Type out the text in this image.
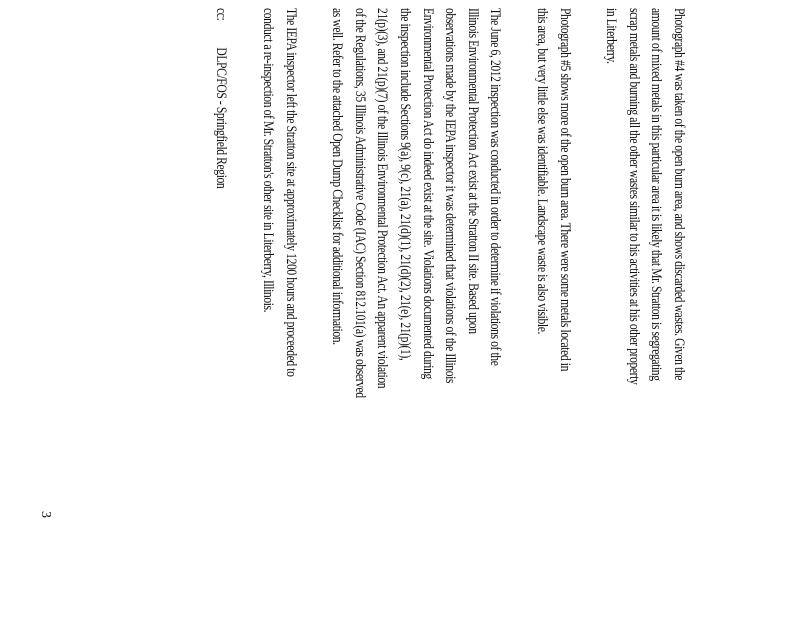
Photograph #4 was taken of the open burn area, and shows discarded wastes. Given the
amount of mixed metals in this particular area it is likely that Mr. Stratton is segregating
scrap metals and burning all the other wastes similar to his activities at his other property
in Literberry.

Photograph #5 shows more of the open burn area. There were some metals located in
this area, but very little else was identifiable. Landscape waste is also visible.

The June 6, 2012 inspection was conducted in order to determine if violations of the
Illinois Environmental Protection Act exist at the Stratton II site. Based upon
observations made by the IEPA inspector it was determined that violations of the Illinois
Environmental Protection Act do indeed exist at the site. Violations documented during
the inspection include Sections 9(a), 9(c), 21(a), 21(d)(1), 21(d)(2), 21(e), 21(p)(1),
21(p)(3), and 21(p)(7) of the Illinois Environmental Protection Act. An apparent violation
of the Regulations, 35 Illinois Administrative Code (IAC) Section 812.101(a) was observed
as well. Refer to the attached Open Dump Checklist for additional information.

The IEPA inspector left the Stratton site at approximately 1200 hours and proceeded to
conduct a re-inspection of Mr. Stratton's other site in Literberry, Illinois.

cc:
DLPC/FOS - Springfield Region
3
